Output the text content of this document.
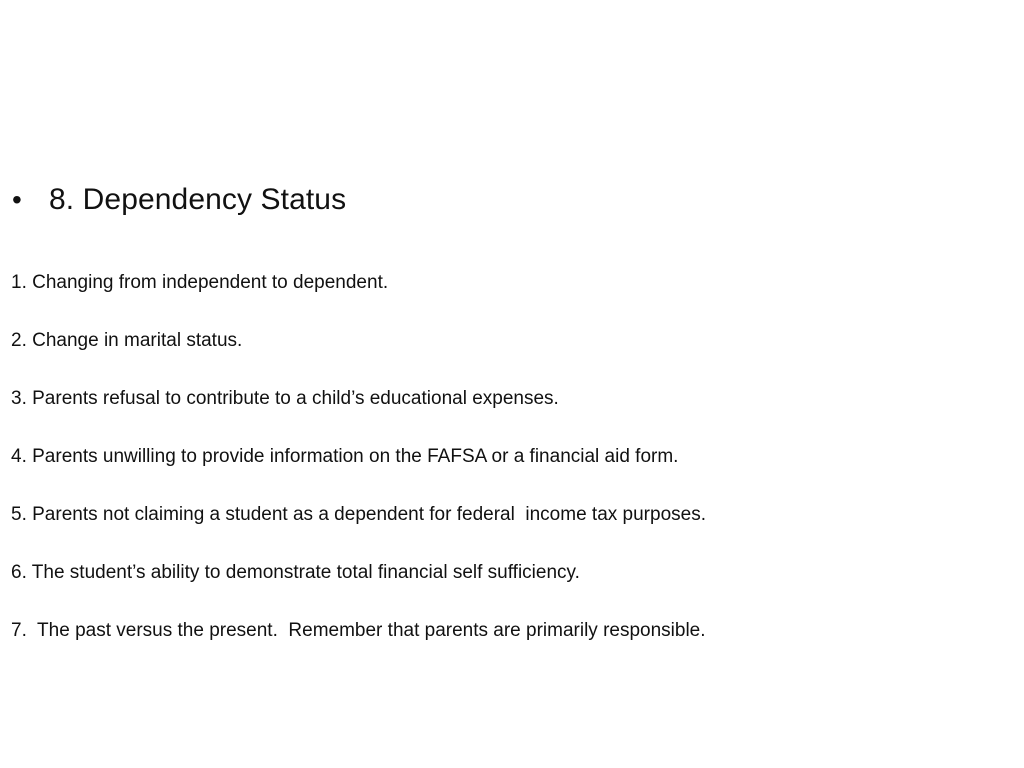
• 8. Dependency Status
1. Changing from independent to dependent.
2. Change in marital status.
3. Parents refusal to contribute to a child’s educational expenses.
4. Parents unwilling to provide information on the FAFSA or a financial aid form.
5. Parents not claiming a student as a dependent for federal  income tax purposes.
6. The student’s ability to demonstrate total financial self sufficiency.
7.  The past versus the present.  Remember that parents are primarily responsible.
